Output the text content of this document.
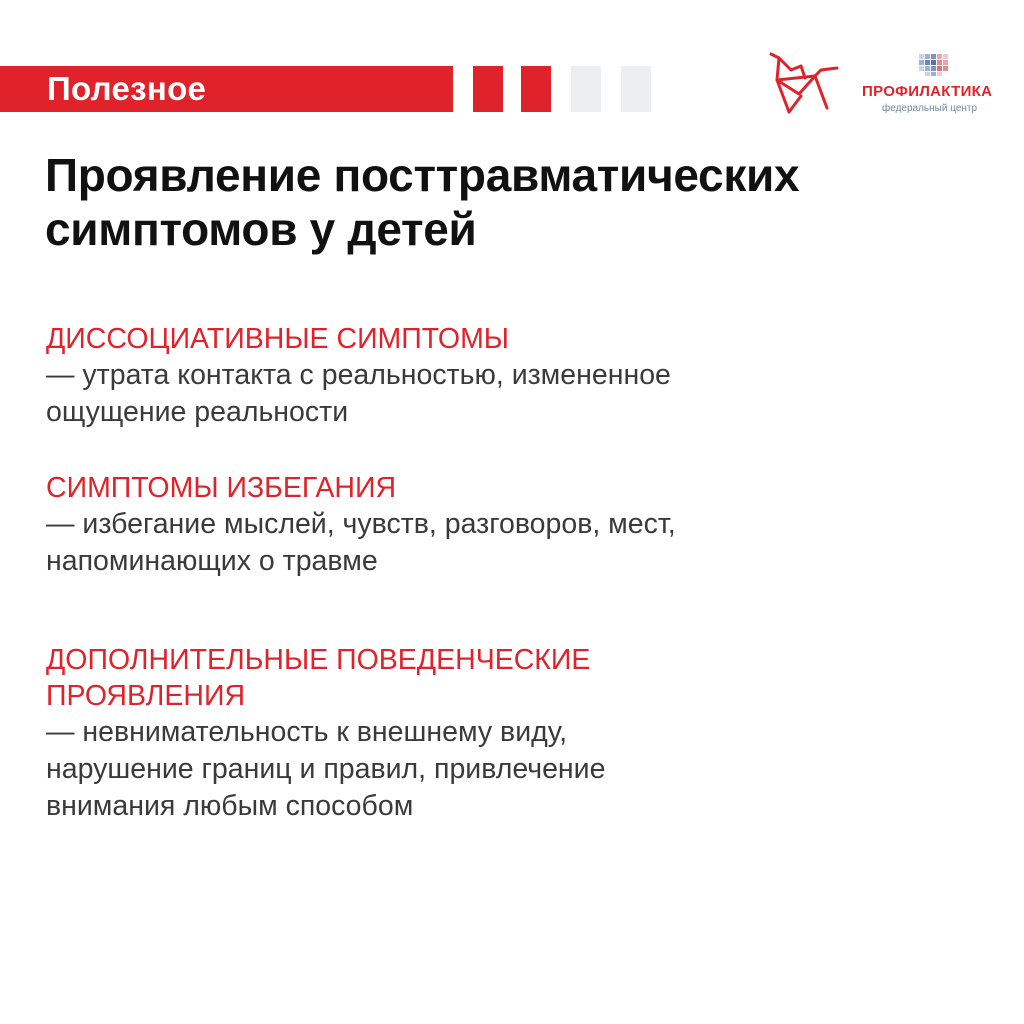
Полезное	ПРОФИЛАКТИКА
федеральный центр
Проявление посттравматических
симптомов у детей
ДИССОЦИАТИВНЫЕ СИМПТОМЫ
— утрата контакта с реальностью, измененное
ощущение реальности
СИМПТОМЫ ИЗБЕГАНИЯ
— избегание мыслей, чувств, разговоров, мест,
напоминающих о травме
ДОПОЛНИТЕЛЬНЫЕ ПОВЕДЕНЧЕСКИЕ
ПРОЯВЛЕНИЯ
— невнимательность к внешнему виду,
нарушение границ и правил, привлечение
внимания любым способом
